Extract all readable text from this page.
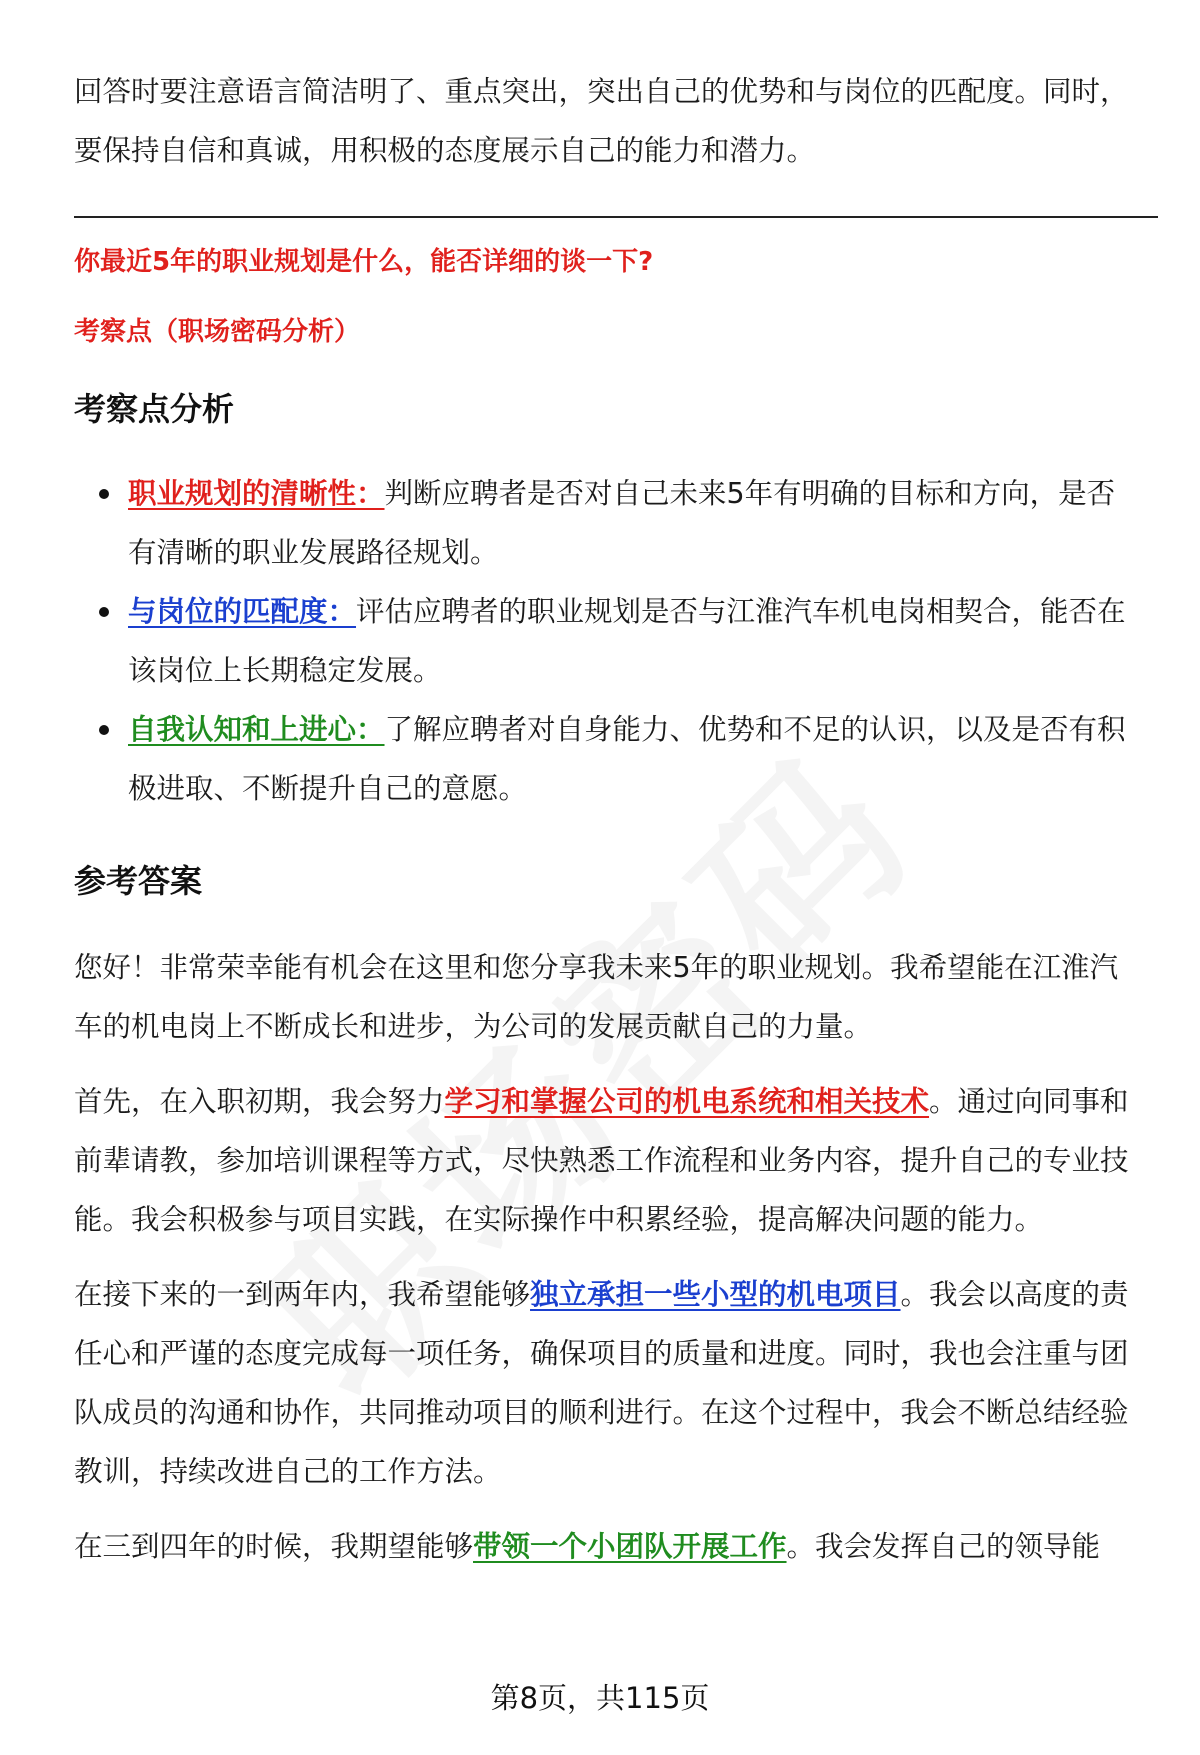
回答时要注意语言简洁明了、重点突出，突出自己的优势和与岗位的匹配度。同时，要保持自信和真诚，用积极的态度展示自己的能力和潜力。

你最近5年的职业规划是什么，能否详细的谈一下?
考察点（职场密码分析）
考察点分析
职业规划的清晰性：判断应聘者是否对自己未来5年有明确的目标和方向，是否有清晰的职业发展路径规划。
与岗位的匹配度：评估应聘者的职业规划是否与江淮汽车机电岗相契合，能否在该岗位上长期稳定发展。
自我认知和上进心：了解应聘者对自身能力、优势和不足的认识，以及是否有积极进取、不断提升自己的意愿。
参考答案

您好！非常荣幸能有机会在这里和您分享我未来5年的职业规划。我希望能在江淮汽车的机电岗上不断成长和进步，为公司的发展贡献自己的力量。

首先，在入职初期，我会努力学习和掌握公司的机电系统和相关技术。通过向同事和前辈请教，参加培训课程等方式，尽快熟悉工作流程和业务内容，提升自己的专业技能。我会积极参与项目实践，在实际操作中积累经验，提高解决问题的能力。

在接下来的一到两年内，我希望能够独立承担一些小型的机电项目。我会以高度的责任心和严谨的态度完成每一项任务，确保项目的质量和进度。同时，我也会注重与团队成员的沟通和协作，共同推动项目的顺利进行。在这个过程中，我会不断总结经验教训，持续改进自己的工作方法。

在三到四年的时候，我期望能够带领一个小团队开展工作。我会发挥自己的领导能

第8页，共115页
